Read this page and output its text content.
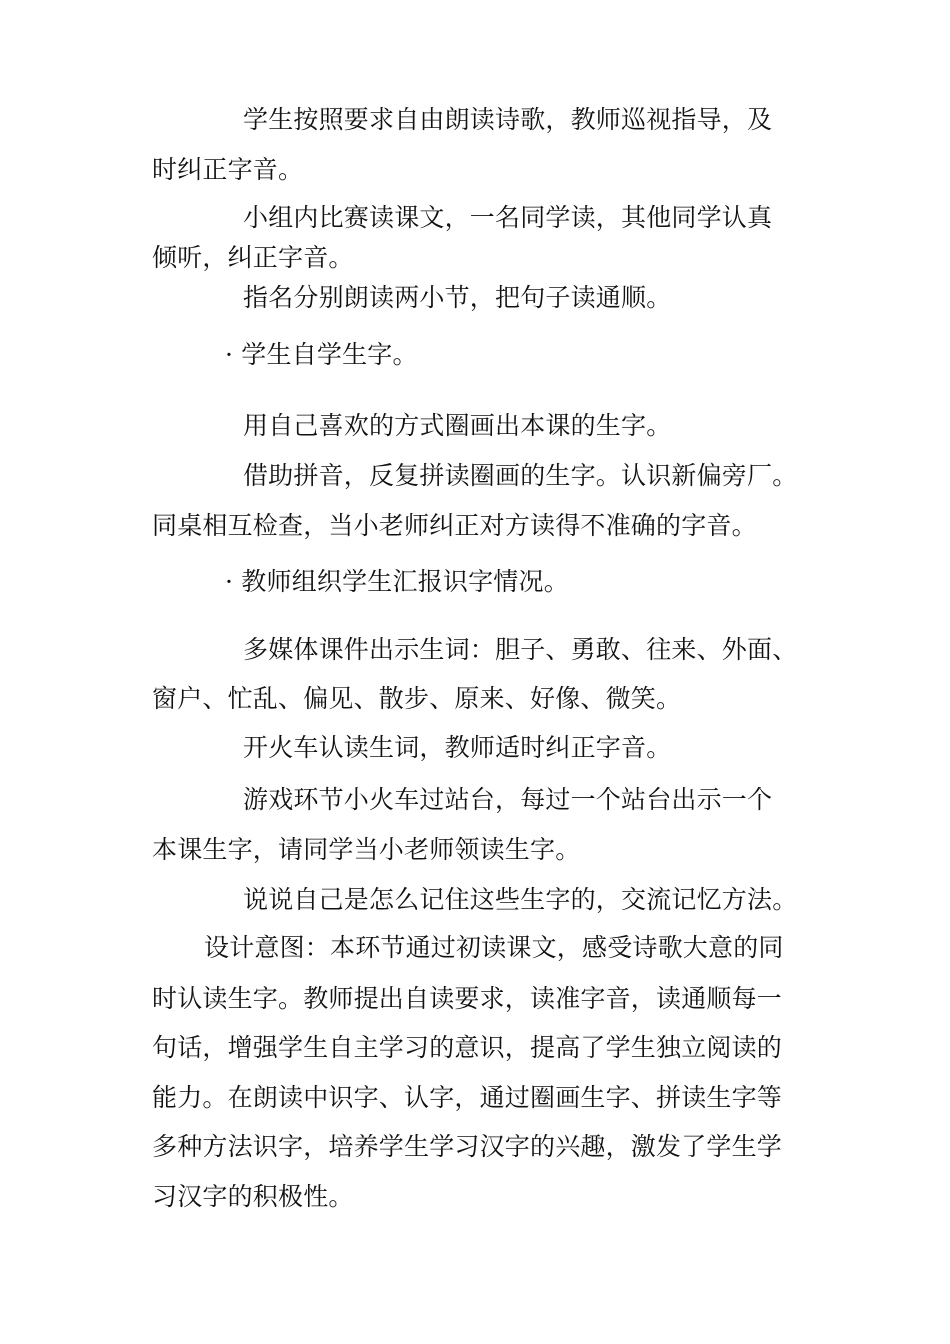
学生按照要求自由朗读诗歌，教师巡视指导，及
时纠正字音。
小组内比赛读课文，一名同学读，其他同学认真
倾听，纠正字音。
指名分别朗读两小节，把句子读通顺。
· 学生自学生字。
用自己喜欢的方式圈画出本课的生字。
借助拼音，反复拼读圈画的生字。认识新偏旁厂。
同桌相互检查，当小老师纠正对方读得不准确的字音。
· 教师组织学生汇报识字情况。
多媒体课件出示生词：胆子、勇敢、往来、外面、
窗户、忙乱、偏见、散步、原来、好像、微笑。
开火车认读生词，教师适时纠正字音。
游戏环节小火车过站台，每过一个站台出示一个
本课生字，请同学当小老师领读生字。
说说自己是怎么记住这些生字的，交流记忆方法。
设计意图：本环节通过初读课文，感受诗歌大意的同
时认读生字。教师提出自读要求，读准字音，读通顺每一
句话，增强学生自主学习的意识，提高了学生独立阅读的
能力。在朗读中识字、认字，通过圈画生字、拼读生字等
多种方法识字，培养学生学习汉字的兴趣，激发了学生学
习汉字的积极性。
